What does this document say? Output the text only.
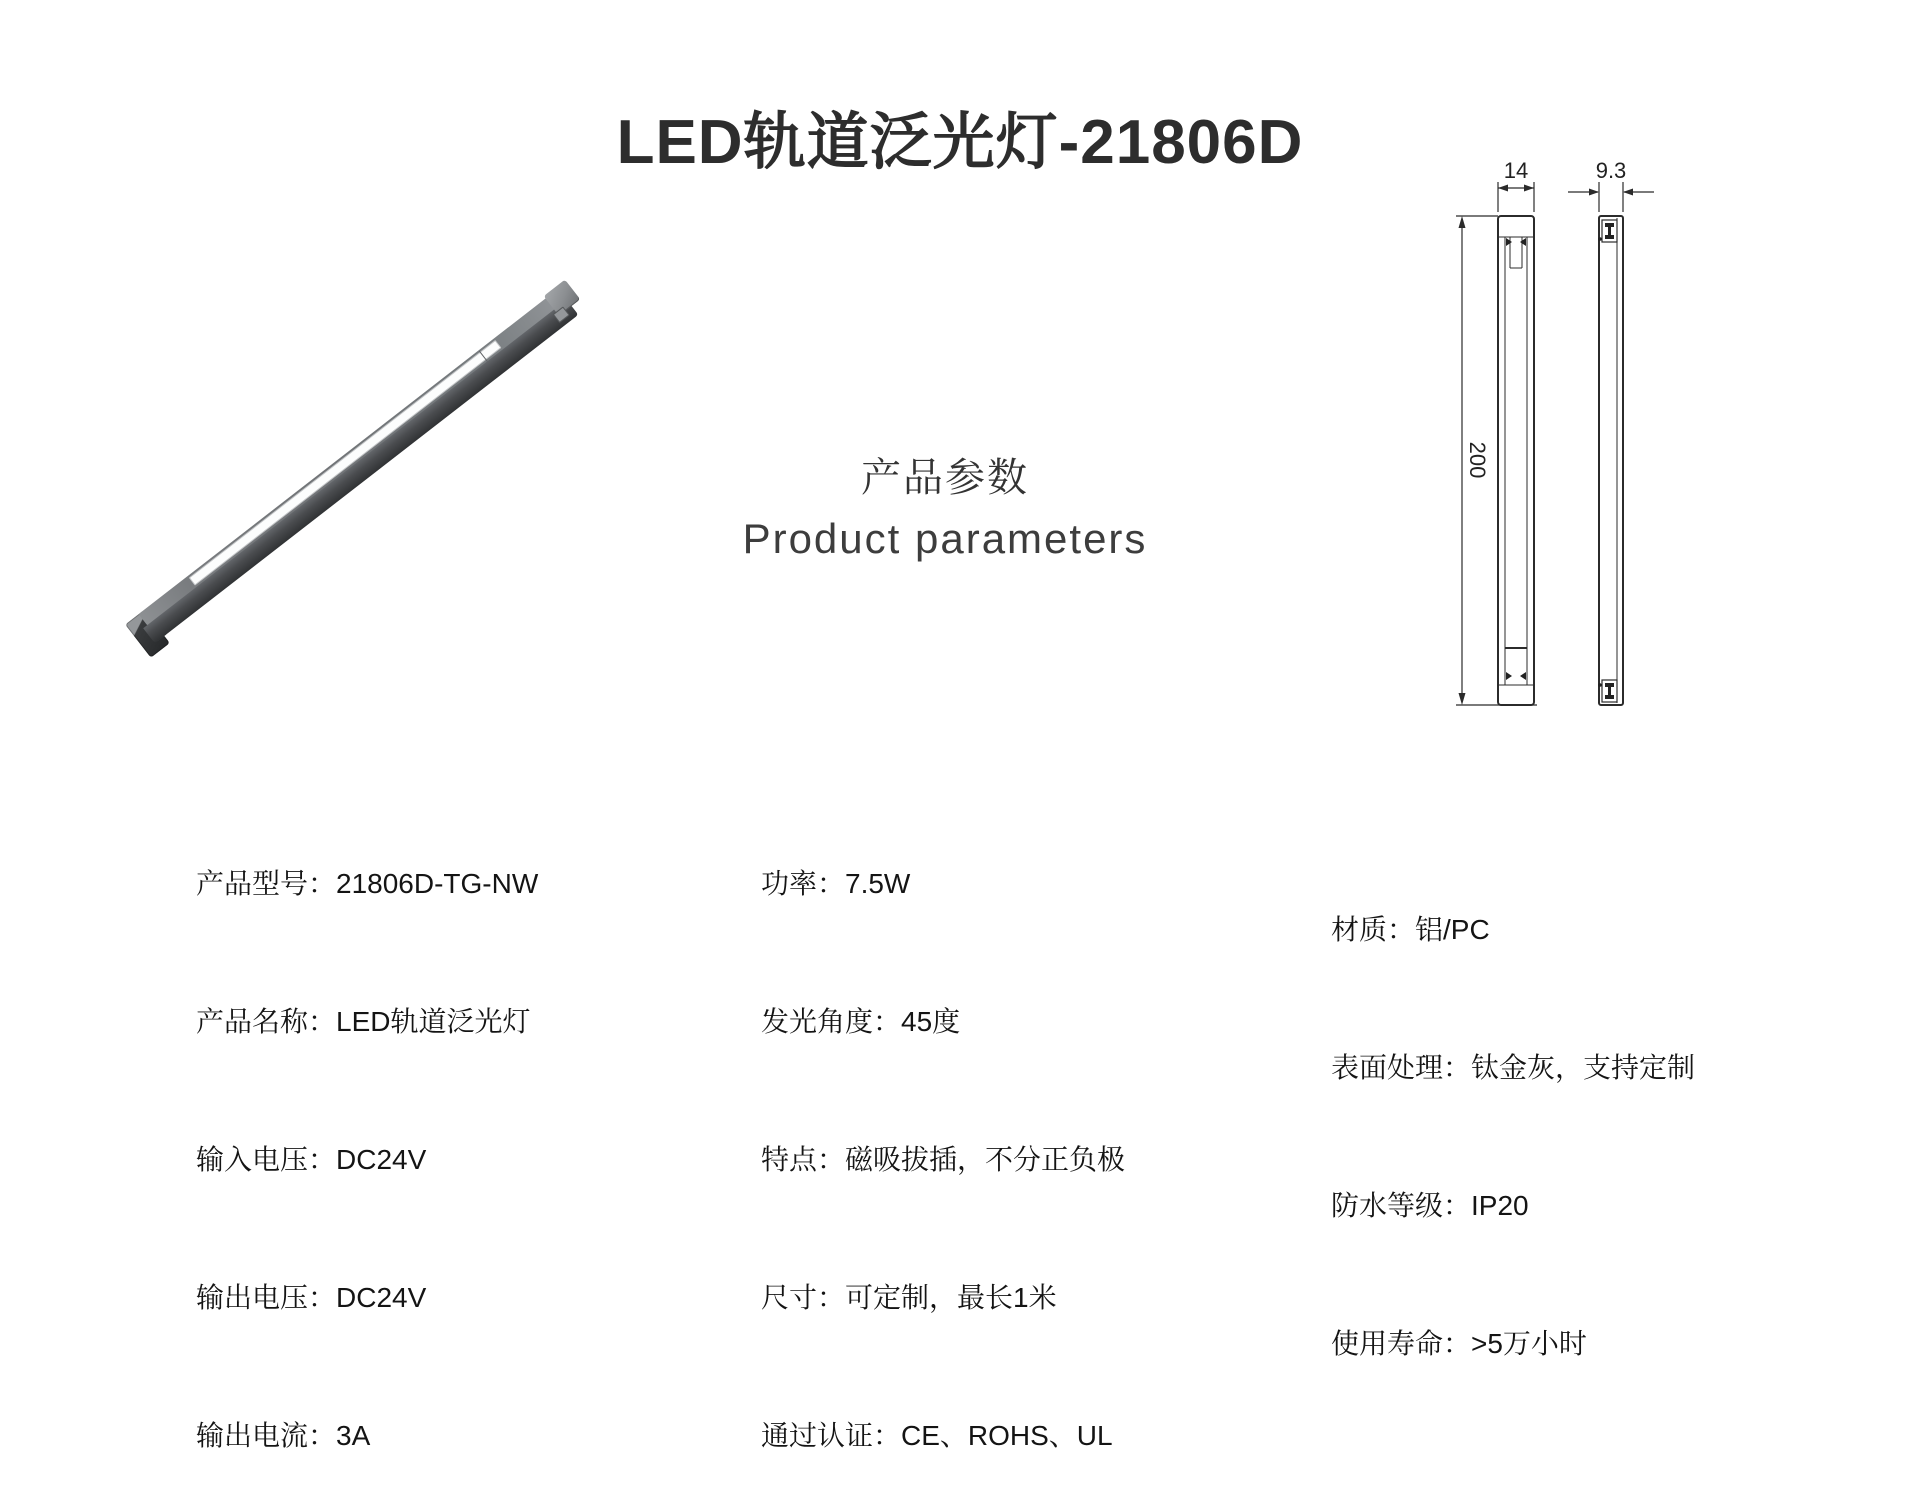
LED轨道泛光灯-21806D
产品参数
Product parameters
14	9.3
200

产品型号：21806D-TG-NW

产品名称：LED轨道泛光灯

输入电压：DC24V

输出电压：DC24V

输出电流：3A

功率：7.5W

发光角度：45度

特点：磁吸拔插，不分正负极

尺寸：可定制，最长1米

通过认证：CE、ROHS、UL

材质：铝/PC

表面处理：钛金灰，支持定制

防水等级：IP20

使用寿命：>5万小时
